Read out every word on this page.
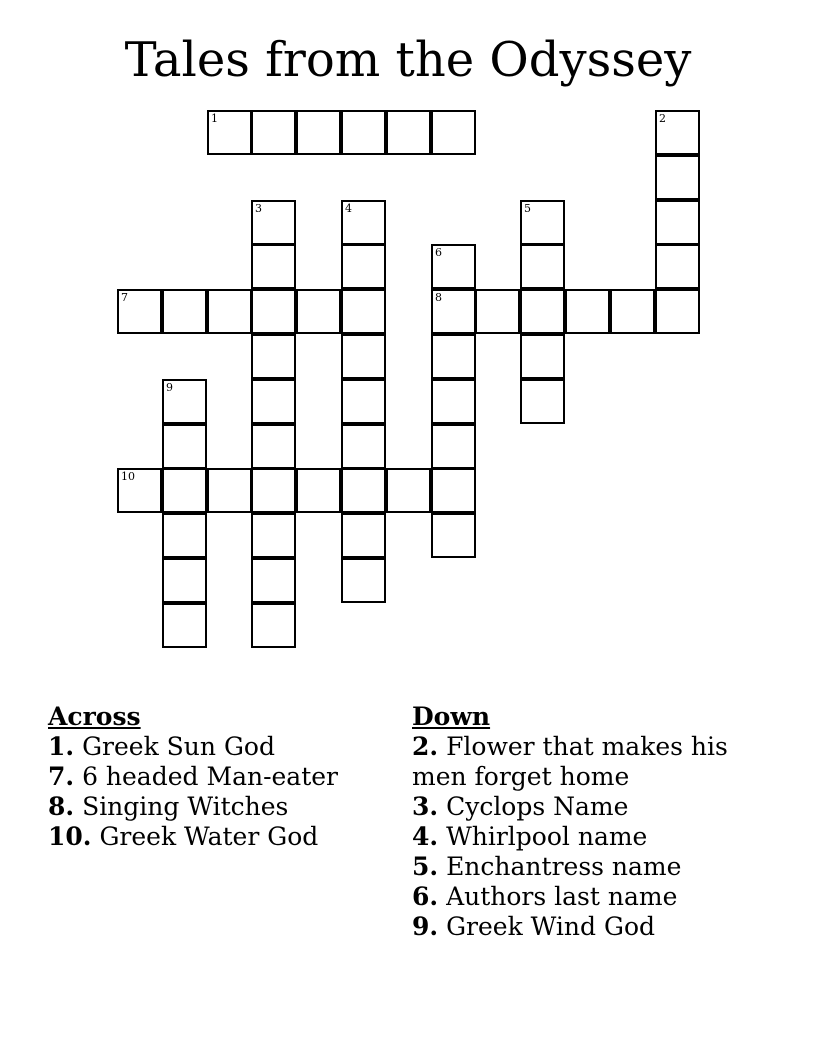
Tales from the Odyssey
1	2
3	4	5
6
8
7
9
10
Across
1. Greek Sun God
7. 6 headed Man-eater
8. Singing Witches
10. Greek Water God
Down
2. Flower that makes his men forget home
3. Cyclops Name
4. Whirlpool name
5. Enchantress name
6. Authors last name
9. Greek Wind God
